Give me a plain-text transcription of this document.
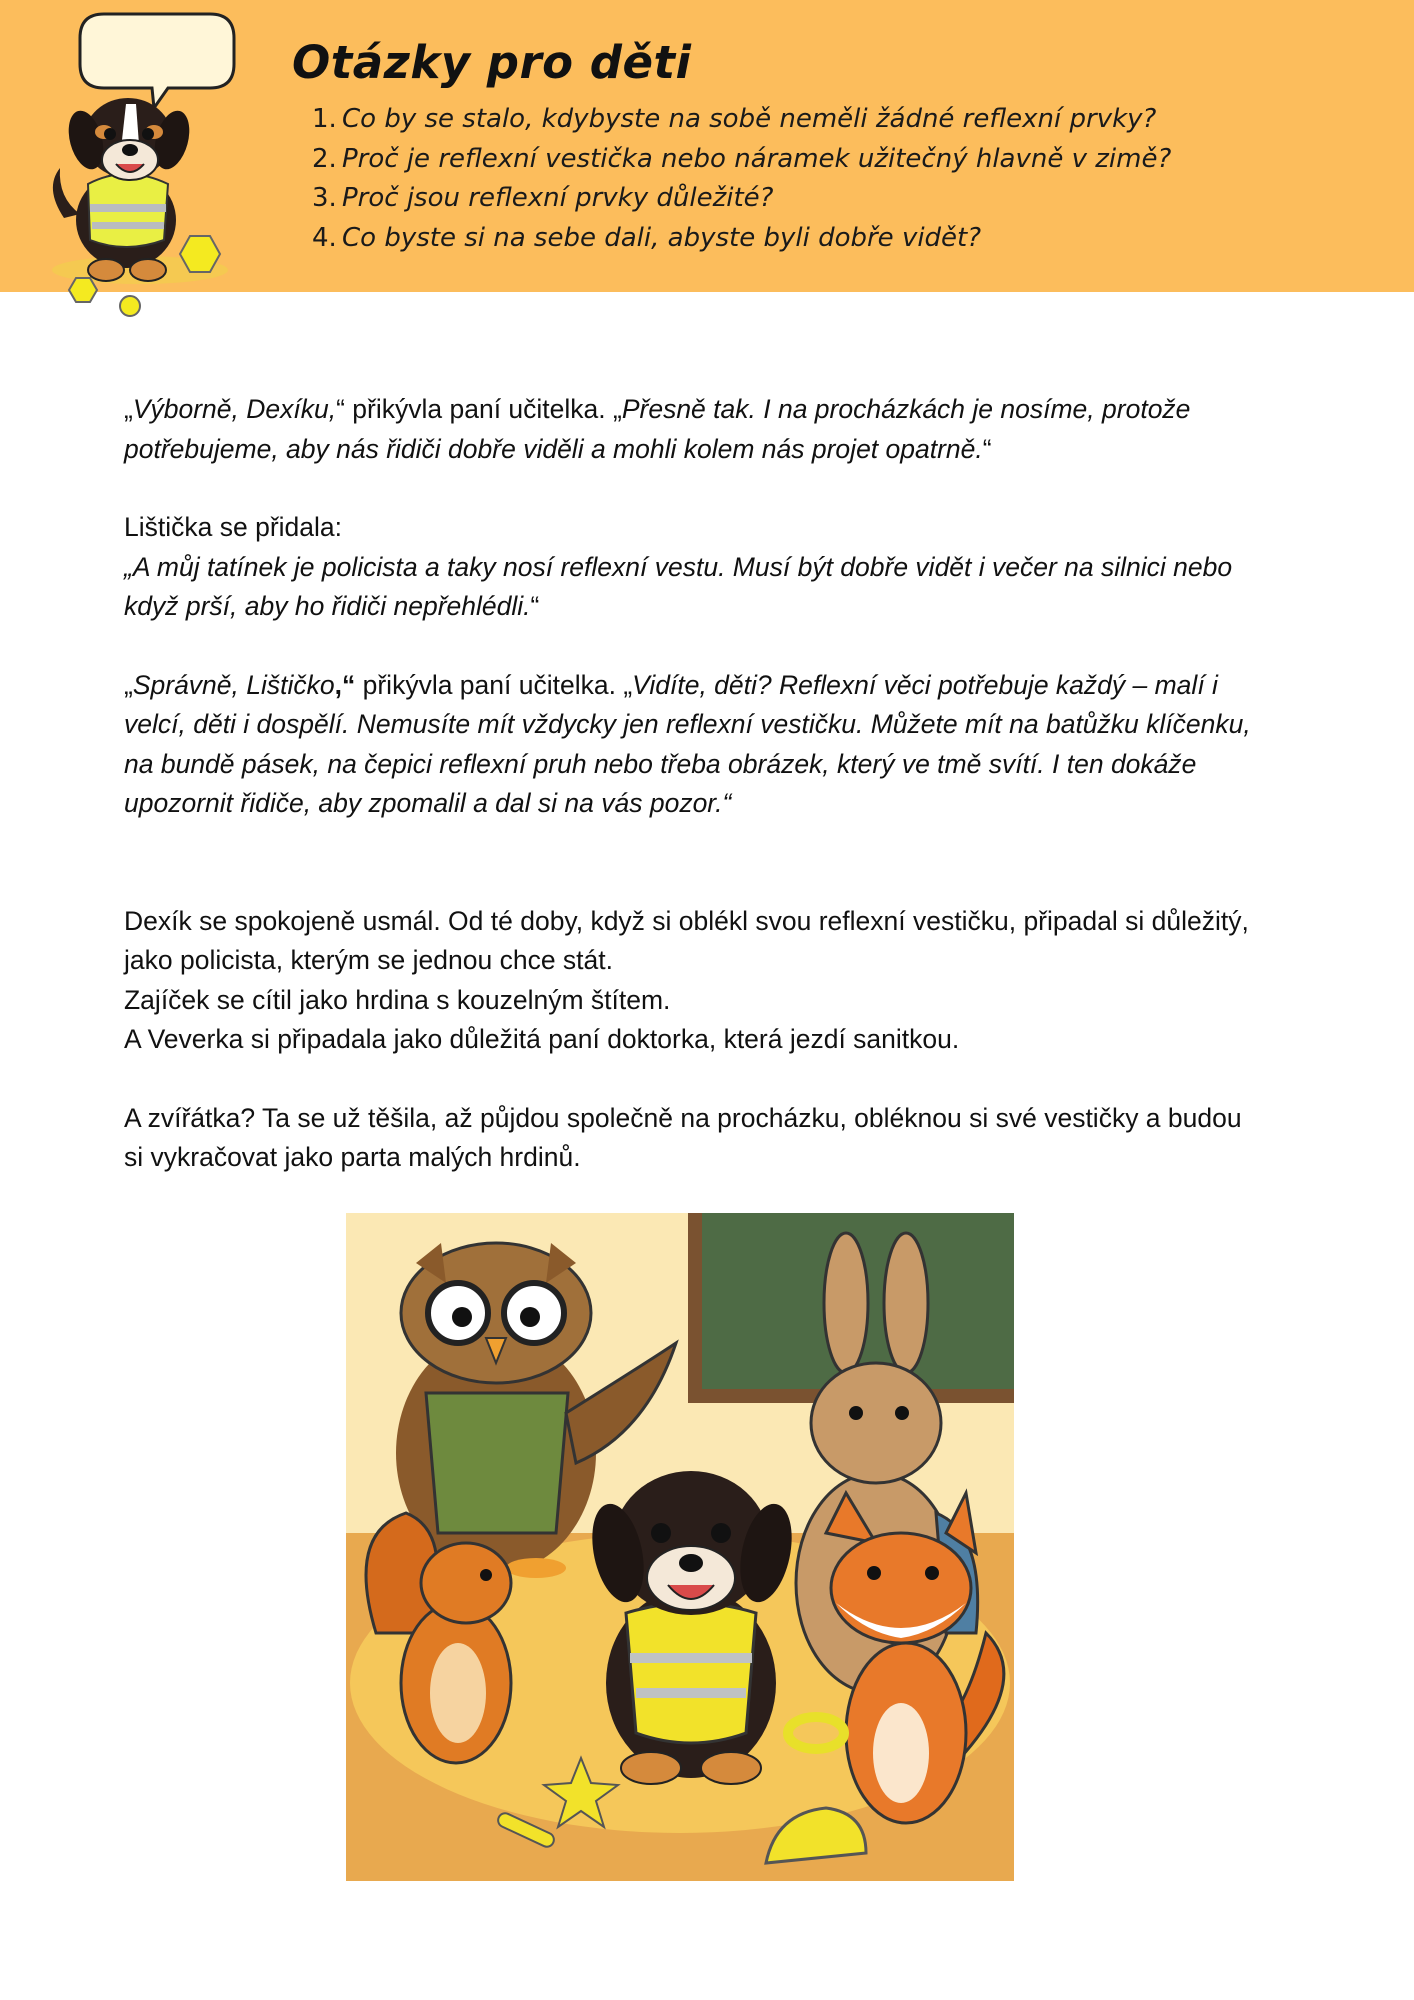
Otázky pro děti
1. Co by se stalo, kdybyste na sobě neměli žádné reflexní prvky?
2. Proč je reflexní vestička nebo náramek užitečný hlavně v zimě?
3. Proč jsou reflexní prvky důležité?
4. Co byste si na sebe dali, abyste byli dobře vidět?

„Výborně, Dexíku,“ přikývla paní učitelka. „Přesně tak. I na procházkách je nosíme, protože
potřebujeme, aby nás řidiči dobře viděli a mohli kolem nás projet opatrně.“

Lištička se přidala:
„A můj tatínek je policista a taky nosí reflexní vestu. Musí být dobře vidět i večer na silnici nebo
když prší, aby ho řidiči nepřehlédli.“

„Správně, Lištičko,“ přikývla paní učitelka. „Vidíte, děti? Reflexní věci potřebuje každý – malí i
velcí, děti i dospělí. Nemusíte mít vždycky jen reflexní vestičku. Můžete mít na batůžku klíčenku,
na bundě pásek, na čepici reflexní pruh nebo třeba obrázek, který ve tmě svítí. I ten dokáže
upozornit řidiče, aby zpomalil a dal si na vás pozor.“

Dexík se spokojeně usmál. Od té doby, když si oblékl svou reflexní vestičku, připadal si důležitý,
jako policista, kterým se jednou chce stát.
Zajíček se cítil jako hrdina s kouzelným štítem.
A Veverka si připadala jako důležitá paní doktorka, která jezdí sanitkou.

A zvířátka? Ta se už těšila, až půjdou společně na procházku, obléknou si své vestičky a budou
si vykračovat jako parta malých hrdinů.
